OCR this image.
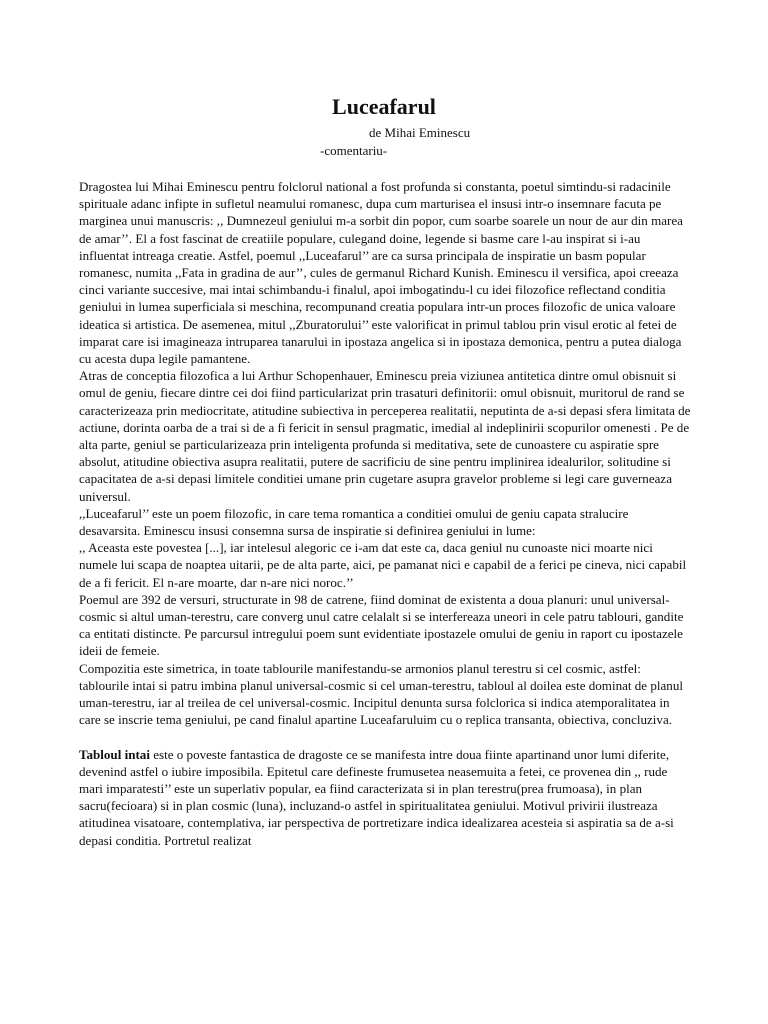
Luceafarul
de Mihai Eminescu
-comentariu-

Dragostea lui Mihai Eminescu pentru folclorul national a fost profunda si constanta, poetul simtindu-si radacinile spirituale adanc infipte in sufletul neamului romanesc, dupa cum marturisea el insusi intr-o insemnare facuta pe marginea unui manuscris: ,, Dumnezeul geniului m-a sorbit din popor, cum soarbe soarele un nour de aur din marea de amar’’. El a fost fascinat de creatiile populare, culegand doine, legende si basme care l-au inspirat si i-au influentat intreaga creatie. Astfel, poemul ,,Luceafarul’’ are ca sursa principala de inspiratie un basm popular romanesc, numita ,,Fata in gradina de aur’’, cules de germanul Richard Kunish. Eminescu il versifica, apoi creeaza cinci variante succesive, mai intai schimbandu-i finalul, apoi imbogatindu-l cu idei filozofice reflectand conditia geniului in lumea superficiala si meschina, recompunand creatia populara intr-un proces filozofic de unica valoare ideatica si artistica. De asemenea, mitul ,,Zburatorului’’ este valorificat in primul tablou prin visul erotic al fetei de imparat care isi imagineaza intruparea tanarului in ipostaza angelica si in ipostaza demonica, pentru a putea dialoga cu acesta dupa legile pamantene.

Atras de conceptia filozofica a lui Arthur Schopenhauer, Eminescu preia viziunea antitetica dintre omul obisnuit si omul de geniu, fiecare dintre cei doi fiind particularizat prin trasaturi definitorii: omul obisnuit, muritorul de rand se caracterizeaza prin mediocritate, atitudine subiectiva in perceperea realitatii, neputinta de a-si depasi sfera limitata de actiune, dorinta oarba de a trai si de a fi fericit in sensul pragmatic, imedial al indeplinirii scopurilor omenesti . Pe de alta parte, geniul se particularizeaza prin inteligenta profunda si meditativa, sete de cunoastere cu aspiratie spre absolut, atitudine obiectiva asupra realitatii, putere de sacrificiu de sine pentru implinirea idealurilor, solitudine si capacitatea de a-si depasi limitele conditiei umane prin cugetare asupra gravelor probleme si legi care guverneaza universul.

,,Luceafarul’’ este un poem filozofic, in care tema romantica a conditiei omului de geniu capata stralucire desavarsita. Eminescu insusi consemna sursa de inspiratie si definirea geniului in lume:

,, Aceasta este povestea [...], iar intelesul alegoric ce i-am dat este ca, daca geniul nu cunoaste nici moarte nici numele lui scapa de noaptea uitarii, pe de alta parte, aici, pe pamanat nici e capabil de a ferici pe cineva, nici capabil de a fi fericit. El n-are moarte, dar n-are nici noroc.’’

Poemul are 392 de versuri, structurate in 98 de catrene, fiind dominat de existenta a doua planuri: unul universal-cosmic si altul uman-terestru, care converg unul catre celalalt si se interfereaza uneori in cele patru tablouri, gandite ca entitati distincte. Pe parcursul intregului poem sunt evidentiate ipostazele omului de geniu in raport cu ipostazele ideii de femeie.

Compozitia este simetrica, in toate tablourile manifestandu-se armonios planul terestru si cel cosmic, astfel: tablourile intai si patru imbina planul universal-cosmic si cel uman-terestru, tabloul al doilea este dominat de planul uman-terestru, iar al treilea de cel universal-cosmic. Incipitul denunta sursa folclorica si indica atemporalitatea in care se inscrie tema geniului, pe cand finalul apartine Luceafaruluim cu o replica transanta, obiectiva, concluziva.

Tabloul intai este o poveste fantastica de dragoste ce se manifesta intre doua fiinte apartinand unor lumi diferite, devenind astfel o iubire imposibila. Epitetul care defineste frumusetea neasemuita a fetei, ce provenea din ,, rude mari imparatesti’’ este un superlativ popular, ea fiind caracterizata si in plan terestru(prea frumoasa), in plan sacru(fecioara) si in plan cosmic (luna), incluzand-o astfel in spiritualitatea geniului. Motivul privirii ilustreaza atitudinea visatoare, contemplativa, iar perspectiva de portretizare indica idealizarea acesteia si aspiratia sa de a-si depasi conditia. Portretul realizat
